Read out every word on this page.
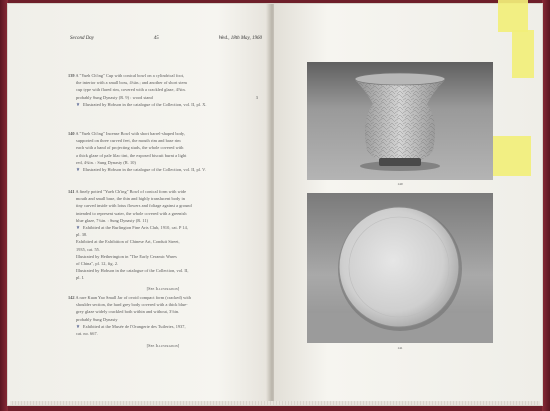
Second Day	45	Wed., 18th May, 1960

139 A "Yueh Ch'ing" Cup with conical bowl on a cylindrical foot,

the interior with a small boss, 4¼in.; and another of short stem

cup type with flared rim, covered with a crackled glaze, 4⅞in.

probably Sung Dynasty (R. 9) : wood stand	3

♆ Illustrated by Hobson in the catalogue of the Collection, vol. II, pl. X.

140 A "Yueh Ch'ing" Incense Bowl with short barrel-shaped body,

supported on three curved feet, the mouth rim and base rim

each with a band of projecting studs, the whole covered with

a thick glaze of pale lilac tint, the exposed biscuit burnt a light

red, 4¾in. : Sung Dynasty (R. 10)

♆ Illustrated by Hobson in the catalogue of the Collection, vol. II, pl. V.

141 A finely potted "Yueh Ch'ing" Bowl of conical form with wide

mouth and small base, the thin and highly translucent body in

tiny carved inside with lotus flowers and foliage against a ground

intended to represent water, the whole covered with a greenish

blue glaze, 7¼in. : Sung Dynasty (R. 11)

♆ Exhibited at the Burlington Fine Arts Club, 1910, cat. P 14,

pl. 38.

Exhibited at the Exhibition of Chinese Art, Conduit Street,

1935, cat. 55.

Illustrated by Hetherington in "The Early Ceramic Wares

of China", pl. 12, fig. 2.

Illustrated by Hobson in the catalogue of the Collection, vol. II,

pl. I.

[See Illustration]

142 A rare Kuan Yao Small Jar of ovoid compact form (cracked) with

shoulder section, the hard grey body covered with a thick blue-

grey glaze widely crackled both within and without, 3⅛in.

probably Sung Dynasty

♆ Exhibited at the Musée de l'Orangerie des Tuileries, 1937,

cat. no. 667.

[See Illustration]

140
141
